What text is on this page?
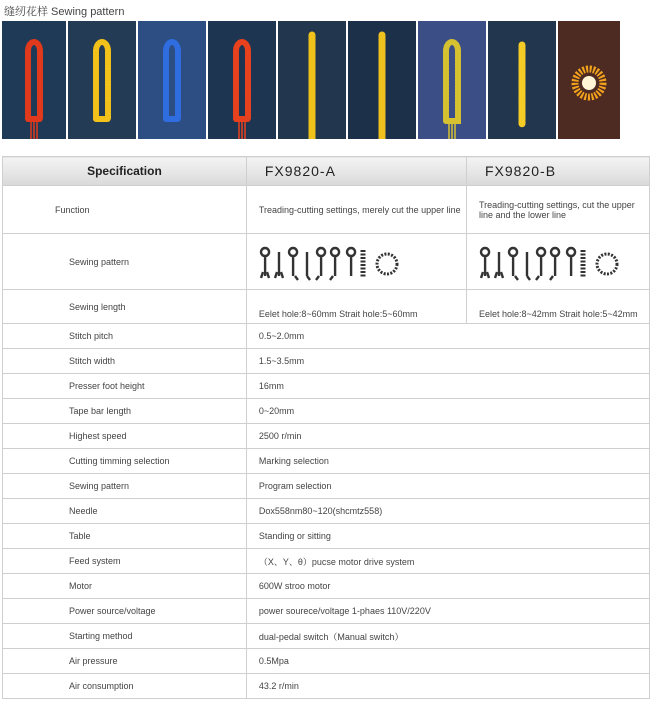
缝纫花样 Sewing pattern
Specification	FX9820-A	FX9820-B
Function	Treading-cutting settings, merely cut the upper line	Treading-cutting settings, cut the upper line and the lower line
Sewing pattern	

Sewing length	Eelet hole:8~60mm Strait hole:5~60mm	Eelet hole:8~42mm Strait hole:5~42mm
Stitch pitch	0.5~2.0mm	
Stitch width	1.5~3.5mm	
Presser foot height	16mm	
Tape bar length	0~20mm	
Highest speed	2500 r/min	
Cutting timming selection	Marking selection	
Sewing pattern	Program selection	
Needle	Dox558nm80~120(shcmtz558)	
Table	Standing or sitting	
Feed system	（X、Y、θ）pucse motor drive system	
Motor	600W stroo motor	
Power source/voltage	power sourece/voltage 1-phaes 110V/220V	
Starting method	dual-pedal switch（Manual switch）	
Air pressure	0.5Mpa	
Air consumption	43.2 r/min	
